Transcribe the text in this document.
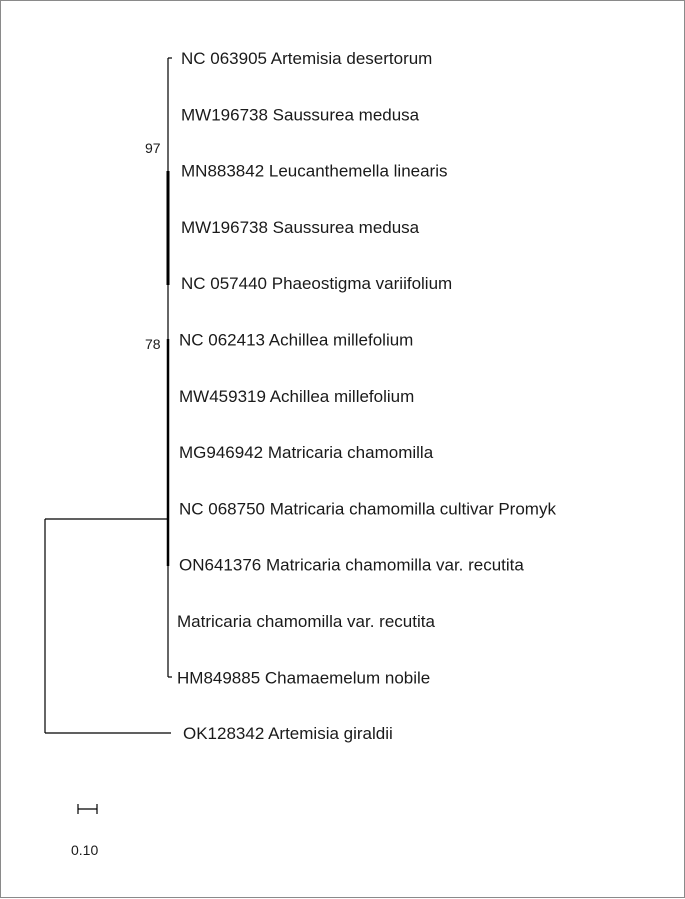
NC 063905 Artemisia desertorum
MW196738 Saussurea medusa
MN883842 Leucanthemella linearis
MW196738 Saussurea medusa
NC 057440 Phaeostigma variifolium
NC 062413 Achillea millefolium
MW459319 Achillea millefolium
MG946942 Matricaria chamomilla
NC 068750 Matricaria chamomilla cultivar Promyk
ON641376 Matricaria chamomilla var. recutita
Matricaria chamomilla var. recutita
HM849885 Chamaemelum nobile
OK128342 Artemisia giraldii
97
78
0.10
